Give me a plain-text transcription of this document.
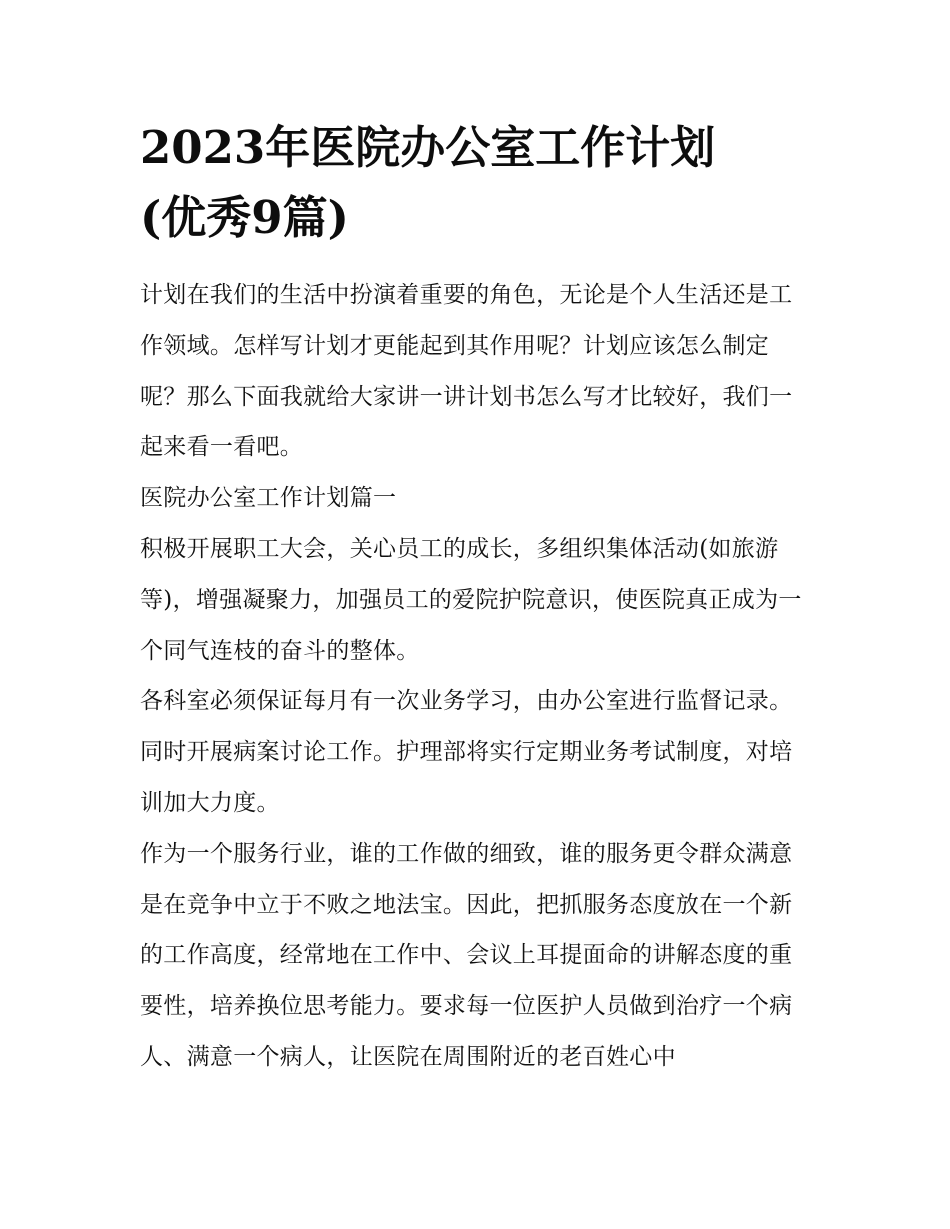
2023年医院办公室工作计划
(优秀9篇)

计划在我们的生活中扮演着重要的角色，无论是个人生活还是工作领域。怎样写计划才更能起到其作用呢？计划应该怎么制定呢？那么下面我就给大家讲一讲计划书怎么写才比较好，我们一起来看一看吧。

医院办公室工作计划篇一

积极开展职工大会，关心员工的成长，多组织集体活动(如旅游等)，增强凝聚力，加强员工的爱院护院意识，使医院真正成为一个同气连枝的奋斗的整体。

各科室必须保证每月有一次业务学习，由办公室进行监督记录。同时开展病案讨论工作。护理部将实行定期业务考试制度，对培训加大力度。

作为一个服务行业，谁的工作做的细致，谁的服务更令群众满意是在竞争中立于不败之地法宝。因此，把抓服务态度放在一个新的工作高度，经常地在工作中、会议上耳提面命的讲解态度的重要性，培养换位思考能力。要求每一位医护人员做到治疗一个病人、满意一个病人，让医院在周围附近的老百姓心中
